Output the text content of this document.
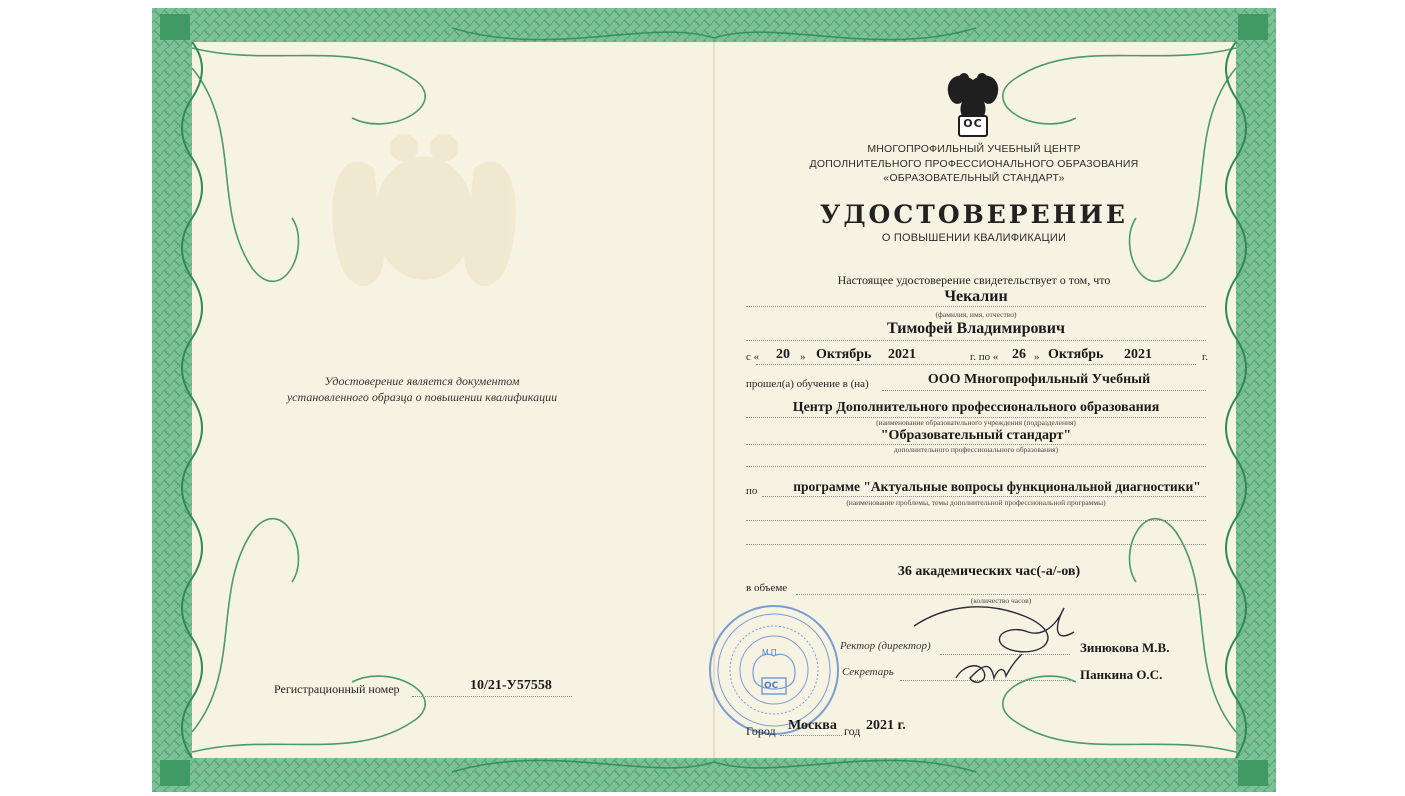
Удостоверение является документом
установленного образца о повышении квалификации
Регистрационный номер	10/21-У57558
ОС
МНОГОПРОФИЛЬНЫЙ УЧЕБНЫЙ ЦЕНТР
ДОПОЛНИТЕЛЬНОГО ПРОФЕССИОНАЛЬНОГО ОБРАЗОВАНИЯ
«ОБРАЗОВАТЕЛЬНЫЙ СТАНДАРТ»
УДОСТОВЕРЕНИЕ
О ПОВЫШЕНИИ КВАЛИФИКАЦИИ
Настоящее удостоверение свидетельствует о том, что
Чекалин
(фамилия, имя, отчество)
Тимофей Владимирович
с « 20 » Октябрь 2021	г. по « 26 » Октябрь 2021	г.
прошел(а) обучение в (на)	ООО Многопрофильный Учебный
Центр Дополнительного профессионального образования
(наименование образовательного учреждения (подразделения)
"Образовательный стандарт"
дополнительного профессионального образования)
по	программе "Актуальные вопросы функциональной диагностики"
(наименование проблемы, темы дополнительной профессиональной программы)
36 академических час(-а/-ов)
в объеме
(количество часов)
М.П.
ОС
Ректор (директор)	Зинюкова М.В.
Секретарь	Панкина О.С.
Город Москва год 2021 г.
